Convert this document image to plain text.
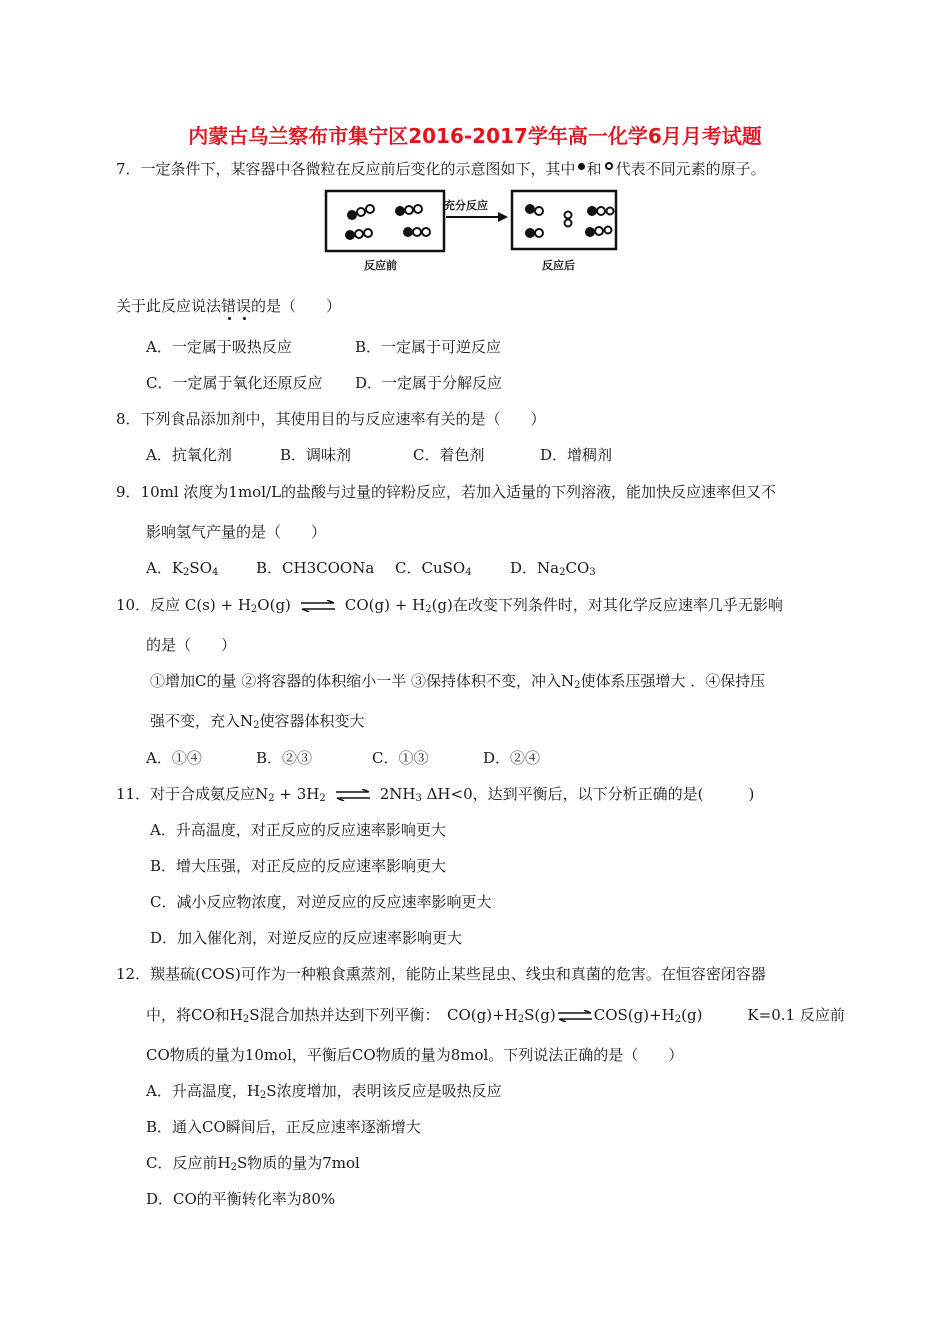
内蒙古乌兰察布市集宁区2016-2017学年高一化学6月月考试题
7．一定条件下，某容器中各微粒在反应前后变化的示意图如下，其中 和 代表不同元素的原子。
充分反应
反应前	反应后
关于此反应说法错误的是（　　）
A．一定属于吸热反应	B．一定属于可逆反应
C．一定属于氧化还原反应 D．一定属于分解反应
8．下列食品添加剂中，其使用目的与反应速率有关的是（　　）
A．抗氧化剂	B．调味剂	C．着色剂	D．增稠剂
9．10ml 浓度为1mol/L的盐酸与过量的锌粉反应，若加入适量的下列溶液，能加快反应速率但又不
影响氢气产量的是（　　）
A．$K_2SO_4$	B．CH3COONa C．CuSO$_4$	D．$Na_2CO_3$
10．反应 $C(s) + H_2O(g)$ ⇌ $CO(g) + H_2(g)$在改变下列条件时，对其化学反应速率几乎无影响
的是（　　）
①增加C的量 ②将容器的体积缩小一半 ③保持体积不变，冲入$N_2$使体系压强增大 ．④保持压
强不变，充入$N_2$使容器体积变大
A．①④	B．②③	C．①③	D．②④
11．对于合成氨反应$N_2 + 3H_2$ ⇌ $2NH_3$ ΔH<0，达到平衡后，以下分析正确的是(　　　)
A．升高温度，对正反应的反应速率影响更大
B．增大压强，对正反应的反应速率影响更大
C．减小反应物浓度，对逆反应的反应速率影响更大
D．加入催化剂，对逆反应的反应速率影响更大
12．羰基硫(COS)可作为一种粮食熏蒸剂，能防止某些昆虫、线虫和真菌的危害。在恒容密闭容器
中，将CO和$H_2S$混合加热并达到下列平衡：　$CO(g)+H_2S(g)$ ⇌ $COS(g)+H_2(g)$　　　K=0.1 反应前
CO物质的量为10mol，平衡后CO物质的量为8mol。下列说法正确的是（　　）
A．升高温度，$H_2S$浓度增加，表明该反应是吸热反应
B．通入CO瞬间后，正反应速率逐渐增大
C．反应前$H_2S$物质的量为7mol
D．CO的平衡转化率为80%
